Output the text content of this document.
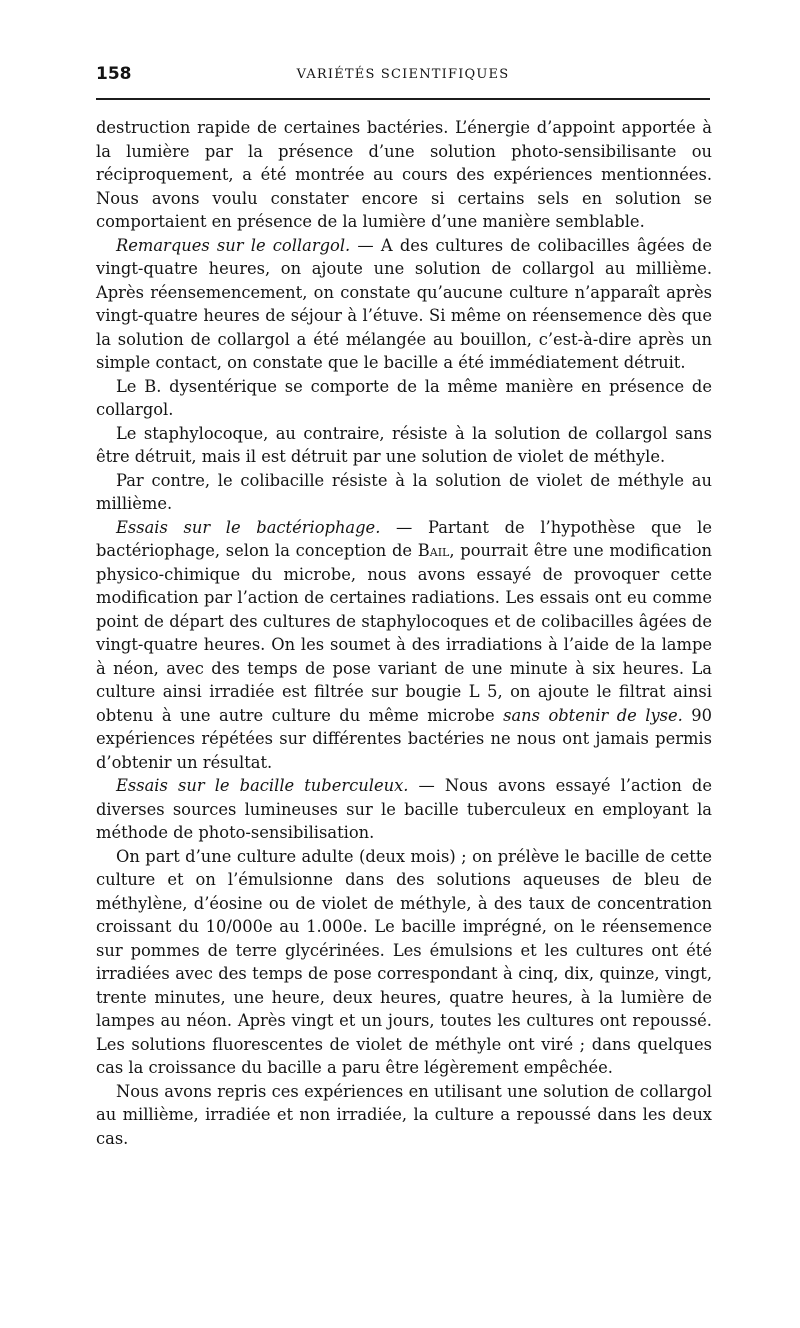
158	VARIÉTÉS SCIENTIFIQUES

destruction rapide de certaines bactéries. L’énergie d’appoint apportée à la lumière par la présence d’une solution photo-sensibilisante ou réciproquement, a été montrée au cours des expériences mentionnées. Nous avons voulu constater encore si certains sels en solution se comportaient en présence de la lumière d’une manière semblable.

Remarques sur le collargol. — A des cultures de colibacilles âgées de vingt-quatre heures, on ajoute une solution de collargol au millième. Après réensemencement, on constate qu’aucune culture n’apparaît après vingt-quatre heures de séjour à l’étuve. Si même on réensemence dès que la solution de collargol a été mélangée au bouillon, c’est-à-dire après un simple contact, on constate que le bacille a été immédiatement détruit.

Le B. dysentérique se comporte de la même manière en présence de collargol.

Le staphylocoque, au contraire, résiste à la solution de collargol sans être détruit, mais il est détruit par une solution de violet de méthyle.

Par contre, le colibacille résiste à la solution de violet de méthyle au millième.

Essais sur le bactériophage. — Partant de l’hypothèse que le bactériophage, selon la conception de Bail, pourrait être une modification physico-chimique du microbe, nous avons essayé de provoquer cette modification par l’action de certaines radiations. Les essais ont eu comme point de départ des cultures de staphylocoques et de colibacilles âgées de vingt-quatre heures. On les soumet à des irradiations à l’aide de la lampe à néon, avec des temps de pose variant de une minute à six heures. La culture ainsi irradiée est filtrée sur bougie L 5, on ajoute le filtrat ainsi obtenu à une autre culture du même microbe sans obtenir de lyse. 90 expériences répétées sur différentes bactéries ne nous ont jamais permis d’obtenir un résultat.

Essais sur le bacille tuberculeux. — Nous avons essayé l’action de diverses sources lumineuses sur le bacille tuberculeux en employant la méthode de photo-sensibilisation.

On part d’une culture adulte (deux mois) ; on prélève le bacille de cette culture et on l’émulsionne dans des solutions aqueuses de bleu de méthylène, d’éosine ou de violet de méthyle, à des taux de concentration croissant du 10/000e au 1.000e. Le bacille imprégné, on le réensemence sur pommes de terre glycérinées. Les émulsions et les cultures ont été irradiées avec des temps de pose correspondant à cinq, dix, quinze, vingt, trente minutes, une heure, deux heures, quatre heures, à la lumière de lampes au néon. Après vingt et un jours, toutes les cultures ont repoussé. Les solutions fluorescentes de violet de méthyle ont viré ; dans quelques cas la croissance du bacille a paru être légèrement empêchée.

Nous avons repris ces expériences en utilisant une solution de collargol au millième, irradiée et non irradiée, la culture a repoussé dans les deux cas.
